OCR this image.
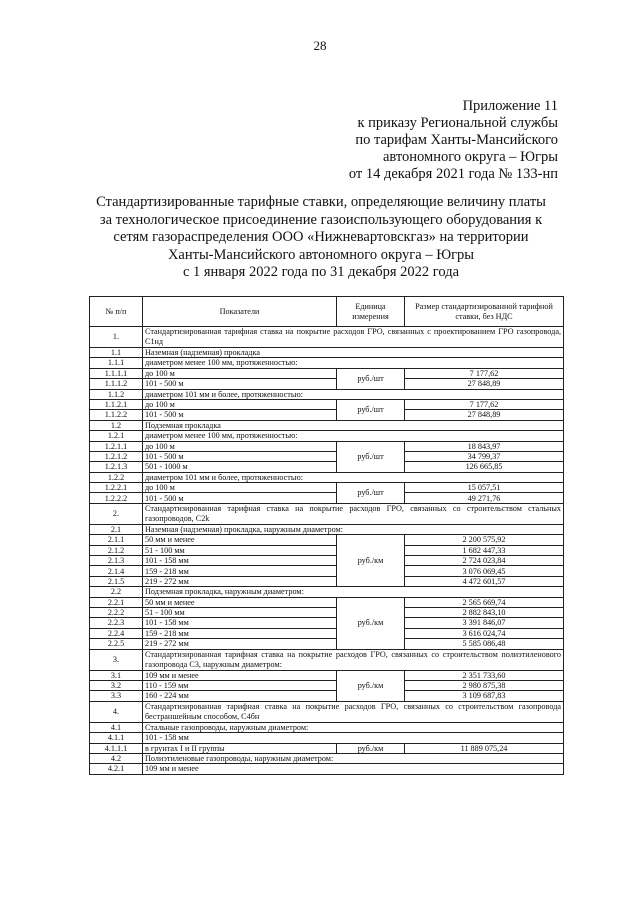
28
Приложение 11
к приказу Региональной службы
по тарифам Ханты-Мансийского
автономного округа – Югры
от 14 декабря 2021 года № 133-нп
Стандартизированные тарифные ставки, определяющие величину платы
за технологическое присоединение газоиспользующего оборудования к
сетям газораспределения ООО «Нижневартовскгаз» на территории
Ханты-Мансийского автономного округа – Югры
с 1 января 2022 года по 31 декабря 2022 года
№ п/п	Показатели	Единица измерения	Размер стандартизированной тарифной ставки, без НДС
1.	Стандартизированная тарифная ставка на покрытие расходов ГРО, связанных с проектированием ГРО газопровода, С1нд		
1.1	Наземная (надземная) прокладка		
1.1.1	диаметром менее 100 мм, протяженностью:		
1.1.1.1	до 100 м	руб./шт	7 177,62
1.1.1.2	101 - 500 м		27 848,89
1.1.2	диаметром 101 мм и более, протяженностью:		
1.1.2.1	до 100 м	руб./шт	7 177,62
1.1.2.2	101 - 500 м		27 848,89
1.2	Подземная прокладка		
1.2.1	диаметром менее 100 мм, протяженностью:		
1.2.1.1	до 100 м	руб./шт	18 843,97
1.2.1.2	101 - 500 м		34 799,37
1.2.1.3	501 - 1000 м		126 665,85
1.2.2	диаметром 101 мм и более, протяженностью:		
1.2.2.1	до 100 м	руб./шт	15 057,51
1.2.2.2	101 - 500 м		49 271,76
2.	Стандартизированная тарифная ставка на покрытие расходов ГРО, связанных со строительством стальных газопроводов, С2k		
2.1	Наземная (надземная) прокладка, наружным диаметром:		
2.1.1	50 мм и менее	руб./км	2 200 575,92
2.1.2	51 - 100 мм		1 682 447,33
2.1.3	101 - 158 мм		2 724 023,84
2.1.4	159 - 218 мм		3 076 069,45
2.1.5	219 - 272 мм		4 472 601,57
2.2	Подземная прокладка, наружным диаметром:		
2.2.1	50 мм и менее	руб./км	2 565 669,74
2.2.2	51 - 100 мм		2 882 843,10
2.2.3	101 - 158 мм		3 391 846,07
2.2.4	159 - 218 мм		3 616 024,74
2.2.5	219 - 272 мм		5 585 086,48
3.	Стандартизированная тарифная ставка на покрытие расходов ГРО, связанных со строительством полиэтиленового газопровода С3, наружным диаметром:		
3.1	109 мм и менее	руб./км	2 351 733,60
3.2	110 - 159 мм		2 980 875,38
3.3	160 - 224 мм		3 109 687,83
4.	Стандартизированная тарифная ставка на покрытие расходов ГРО, связанных со строительством газопровода бестраншейным способом, С4бн		
4.1	Стальные газопроводы, наружным диаметром:		
4.1.1	101 - 158 мм		
4.1.1.1	в грунтах I и II группы	руб./км	11 889 075,24
4.2	Полиэтиленовые газопроводы, наружным диаметром:		
4.2.1	109 мм и менее		
